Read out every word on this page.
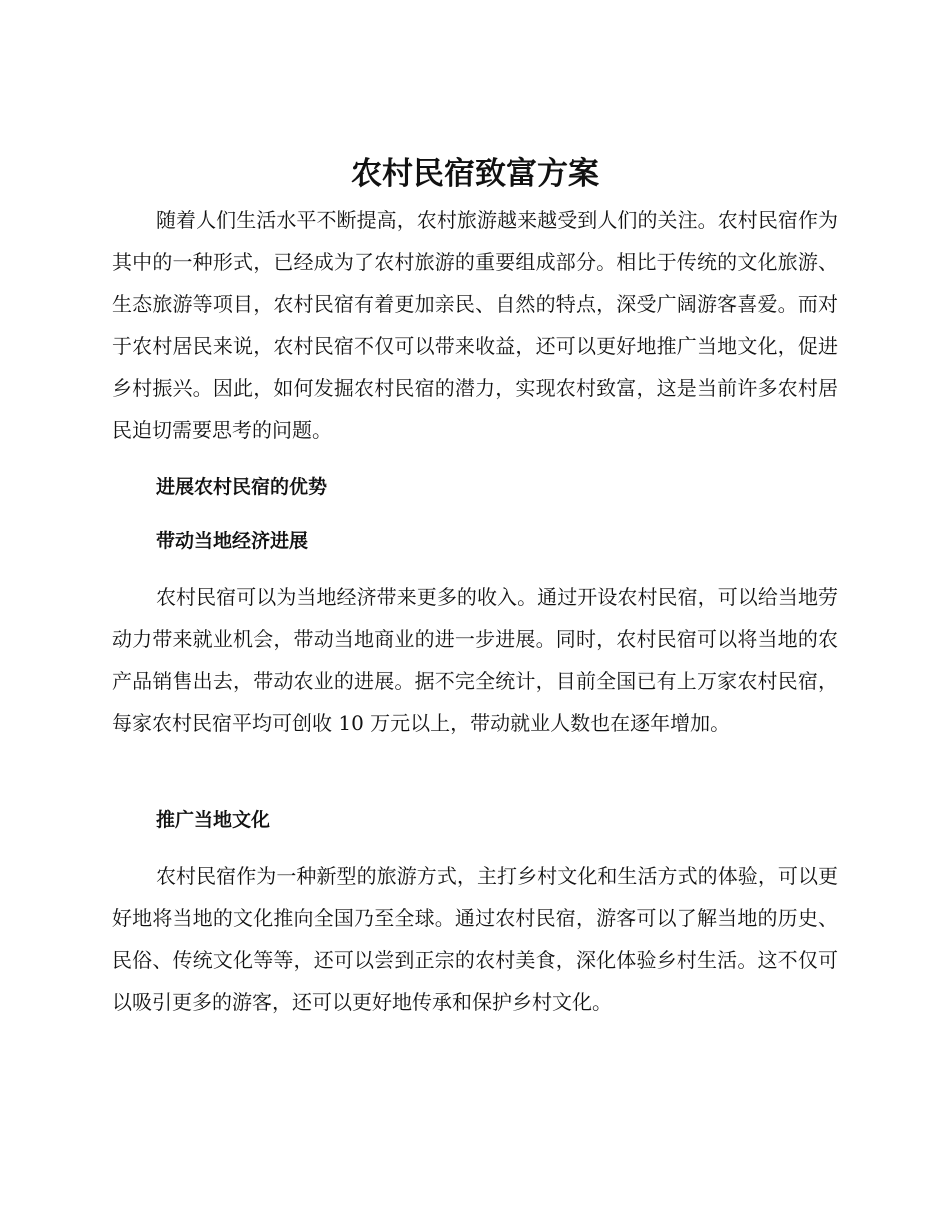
农村民宿致富方案

随着人们生活水平不断提高，农村旅游越来越受到人们的关注。农村民宿作为其中的一种形式，已经成为了农村旅游的重要组成部分。相比于传统的文化旅游、生态旅游等项目，农村民宿有着更加亲民、自然的特点，深受广阔游客喜爱。而对于农村居民来说，农村民宿不仅可以带来收益，还可以更好地推广当地文化，促进乡村振兴。因此，如何发掘农村民宿的潜力，实现农村致富，这是当前许多农村居民迫切需要思考的问题。

进展农村民宿的优势
带动当地经济进展

农村民宿可以为当地经济带来更多的收入。通过开设农村民宿，可以给当地劳动力带来就业机会，带动当地商业的进一步进展。同时，农村民宿可以将当地的农产品销售出去，带动农业的进展。据不完全统计，目前全国已有上万家农村民宿，每家农村民宿平均可创收 10 万元以上，带动就业人数也在逐年增加。

推广当地文化

农村民宿作为一种新型的旅游方式，主打乡村文化和生活方式的体验，可以更好地将当地的文化推向全国乃至全球。通过农村民宿，游客可以了解当地的历史、民俗、传统文化等等，还可以尝到正宗的农村美食，深化体验乡村生活。这不仅可以吸引更多的游客，还可以更好地传承和保护乡村文化。
